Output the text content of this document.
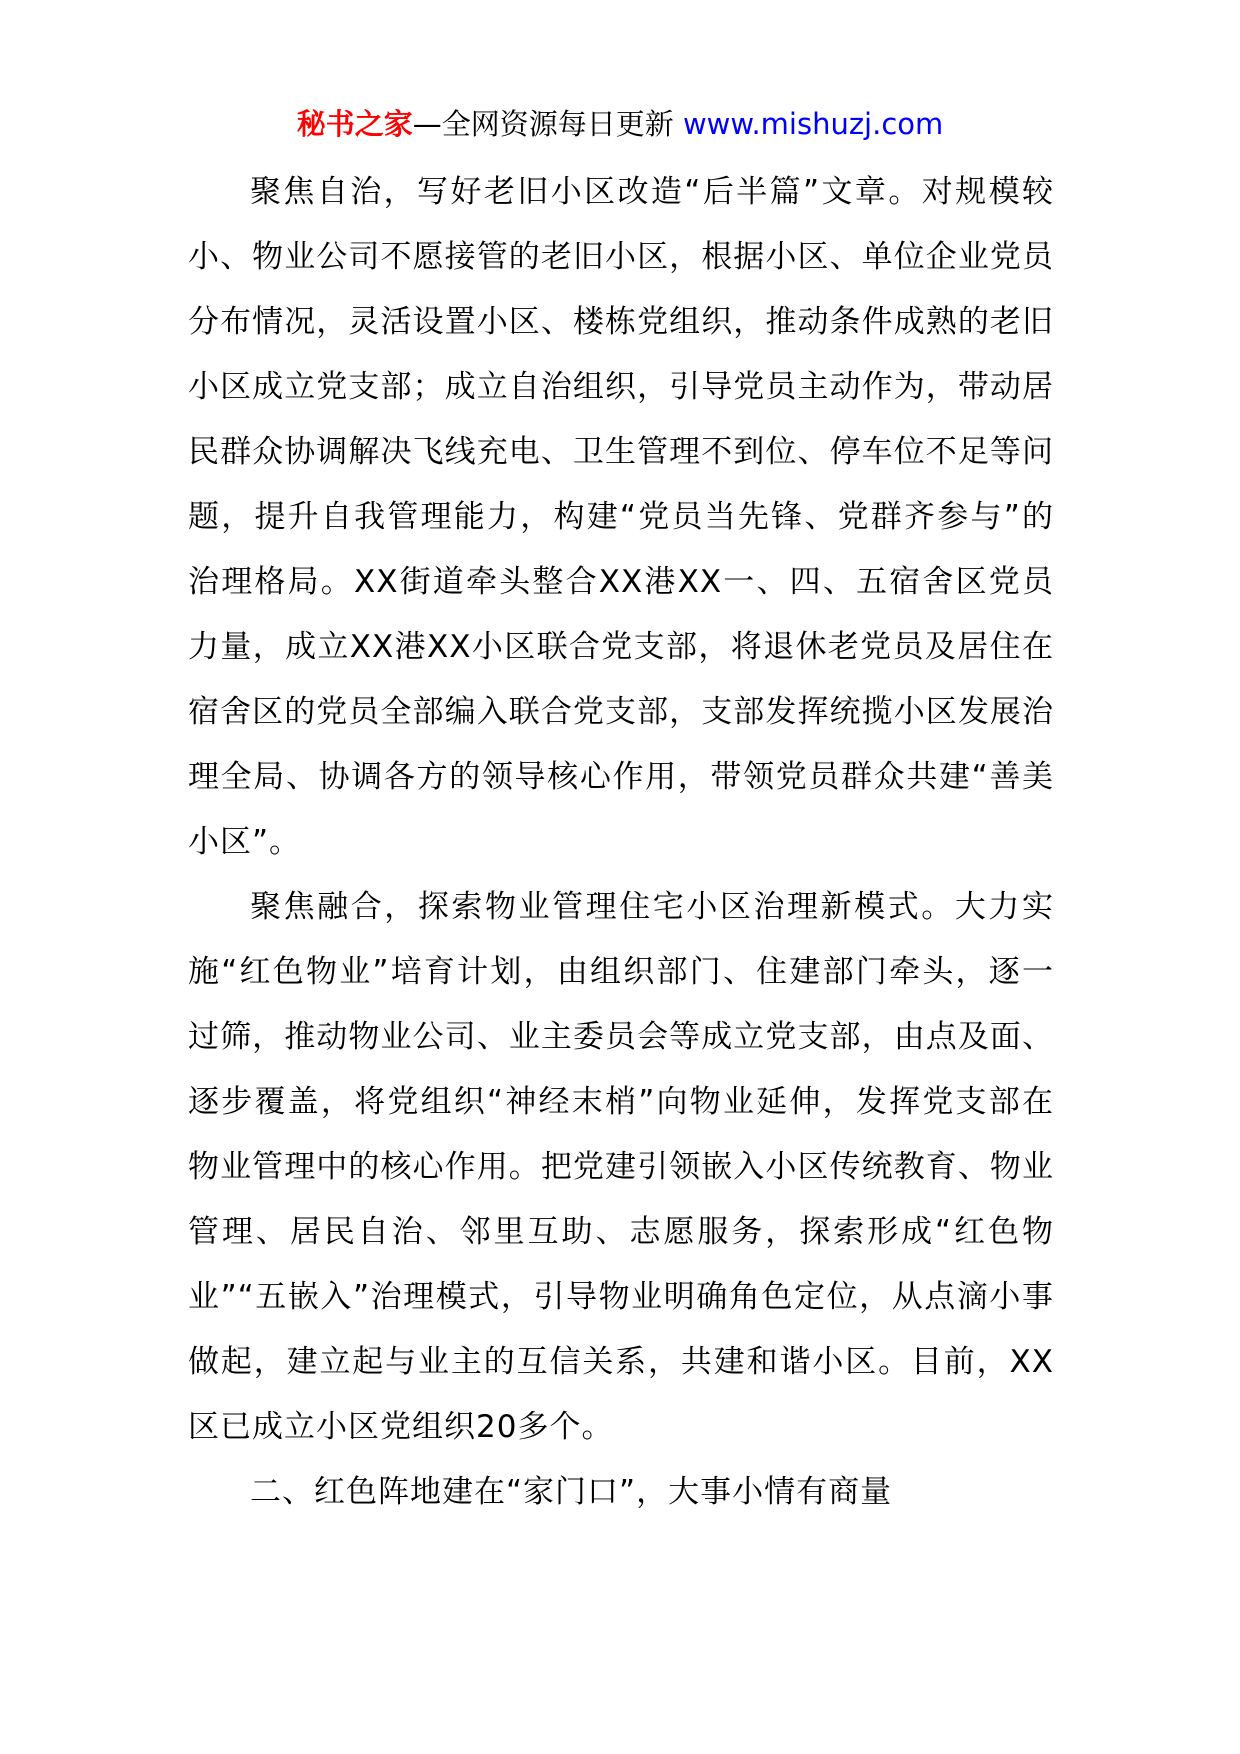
秘书之家—全网资源每日更新 www.mishuzj.com

聚焦自治，写好老旧小区改造“后半篇”文章。对规模较小、物业公司不愿接管的老旧小区，根据小区、单位企业党员分布情况，灵活设置小区、楼栋党组织，推动条件成熟的老旧小区成立党支部；成立自治组织，引导党员主动作为，带动居民群众协调解决飞线充电、卫生管理不到位、停车位不足等问题，提升自我管理能力，构建“党员当先锋、党群齐参与”的治理格局。XX街道牵头整合XX港XX一、四、五宿舍区党员力量，成立XX港XX小区联合党支部，将退休老党员及居住在宿舍区的党员全部编入联合党支部，支部发挥统揽小区发展治理全局、协调各方的领导核心作用，带领党员群众共建“善美小区”。

聚焦融合，探索物业管理住宅小区治理新模式。大力实施“红色物业”培育计划，由组织部门、住建部门牵头，逐一过筛，推动物业公司、业主委员会等成立党支部，由点及面、逐步覆盖，将党组织“神经末梢”向物业延伸，发挥党支部在物业管理中的核心作用。把党建引领嵌入小区传统教育、物业管理、居民自治、邻里互助、志愿服务，探索形成“红色物业”“五嵌入”治理模式，引导物业明确角色定位，从点滴小事做起，建立起与业主的互信关系，共建和谐小区。目前，XX区已成立小区党组织20多个。

二、红色阵地建在“家门口”，大事小情有商量
